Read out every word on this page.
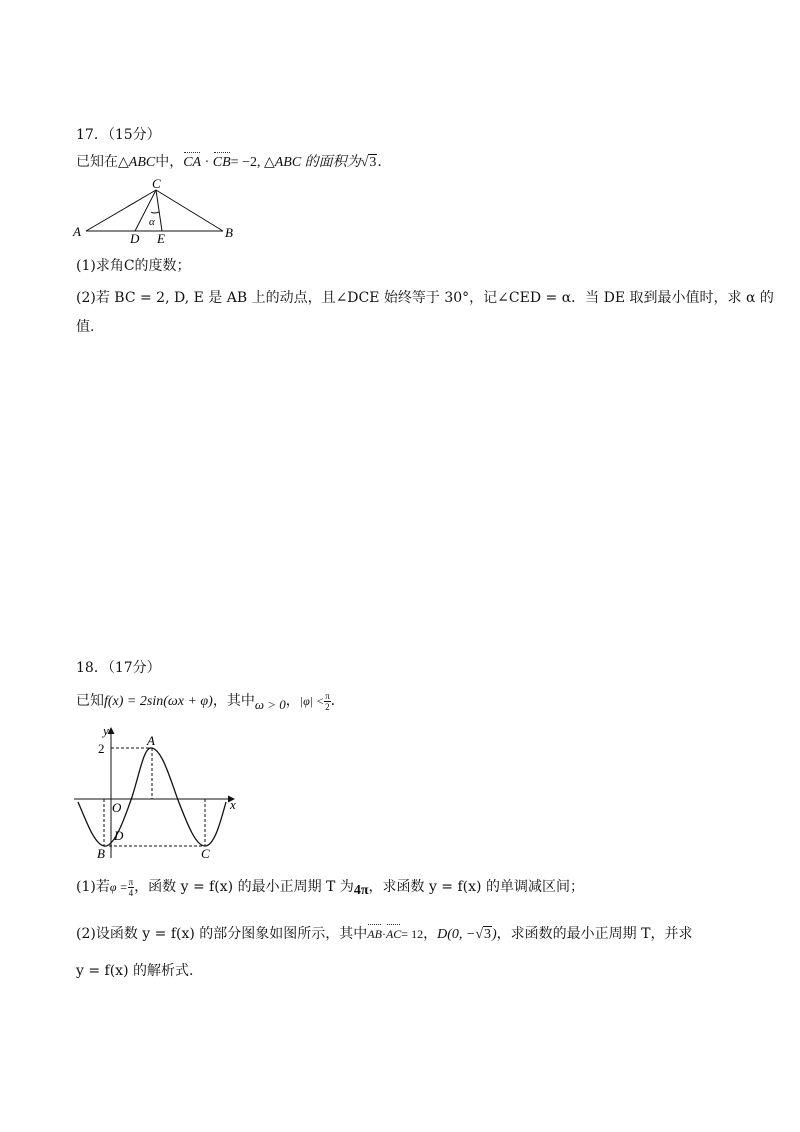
17．（15分）
已知在△ABC中，CA · CB= −2, △ABC 的面积为√3.
C
A	B
D E
α
(1)求角C的度数；
(2)若 BC = 2, D, E 是 AB 上的动点，且∠DCE 始终等于 30°，记∠CED = α．当 DE 取到最小值时，求 α 的
值.
18．（17分）
已知f(x) = 2sin(ωx + φ)，其中ω > 0，$|\varphi| < \frac{\pi}{2}$ .
y
x
2
A
O
D
B	C
(1)若$\varphi = \frac{\pi}{4}$ ，函数 y = f(x) 的最小正周期 T 为4π，求函数 y = f(x) 的单调减区间；
(2)设函数 y = f(x) 的部分图象如图所示，其中AB·AC= 12，D(0, −√3)，求函数的最小正周期 T，并求
y = f(x) 的解析式.
